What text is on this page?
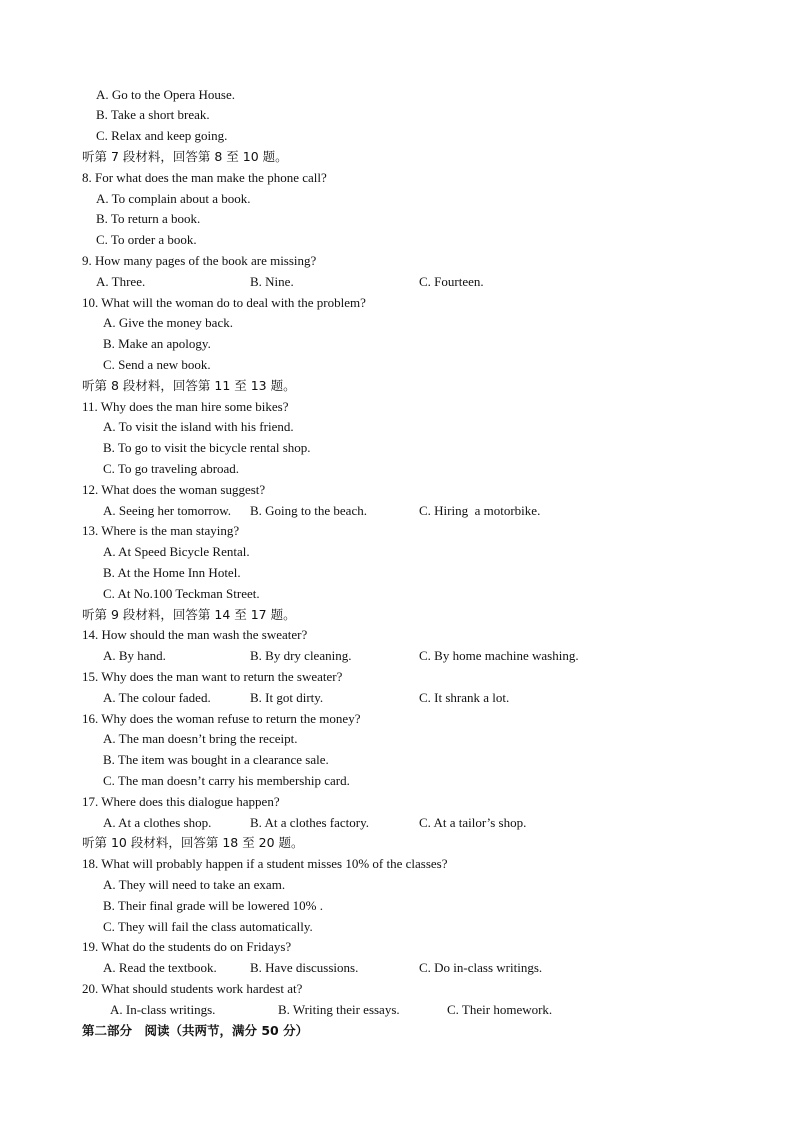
A. Go to the Opera House.
B. Take a short break.
C. Relax and keep going.
听第 7 段材料，回答第 8 至 10 题。
8. For what does the man make the phone call?
A. To complain about a book.
B. To return a book.
C. To order a book.
9. How many pages of the book are missing?
A. Three.	B. Nine.	C. Fourteen.
10. What will the woman do to deal with the problem?
A. Give the money back.
B. Make an apology.
C. Send a new book.
听第 8 段材料，回答第 11 至 13 题。
11. Why does the man hire some bikes?
A. To visit the island with his friend.
B. To go to visit the bicycle rental shop.
C. To go traveling abroad.
12. What does the woman suggest?
A. Seeing her tomorrow. B. Going to the beach.	C. Hiring  a motorbike.
13. Where is the man staying?
A. At Speed Bicycle Rental.
B. At the Home Inn Hotel.
C. At No.100 Teckman Street.
听第 9 段材料，回答第 14 至 17 题。
14. How should the man wash the sweater?
A. By hand.	B. By dry cleaning.	C. By home machine washing.
15. Why does the man want to return the sweater?
A. The colour faded.	B. It got dirty.	C. It shrank a lot.
16. Why does the woman refuse to return the money?
A. The man doesn’t bring the receipt.
B. The item was bought in a clearance sale.
C. The man doesn’t carry his membership card.
17. Where does this dialogue happen?
A. At a clothes shop.	B. At a clothes factory.	C. At a tailor’s shop.
听第 10 段材料，回答第 18 至 20 题。
18. What will probably happen if a student misses 10% of the classes?
A. They will need to take an exam.
B. Their final grade will be lowered 10% .
C. They will fail the class automatically.
19. What do the students do on Fridays?
A. Read the textbook.	B. Have discussions.	C. Do in-class writings.
20. What should students work hardest at?
A. In-class writings.	B. Writing their essays.	C. Their homework.
第二部分　阅读（共两节，满分 50 分）
